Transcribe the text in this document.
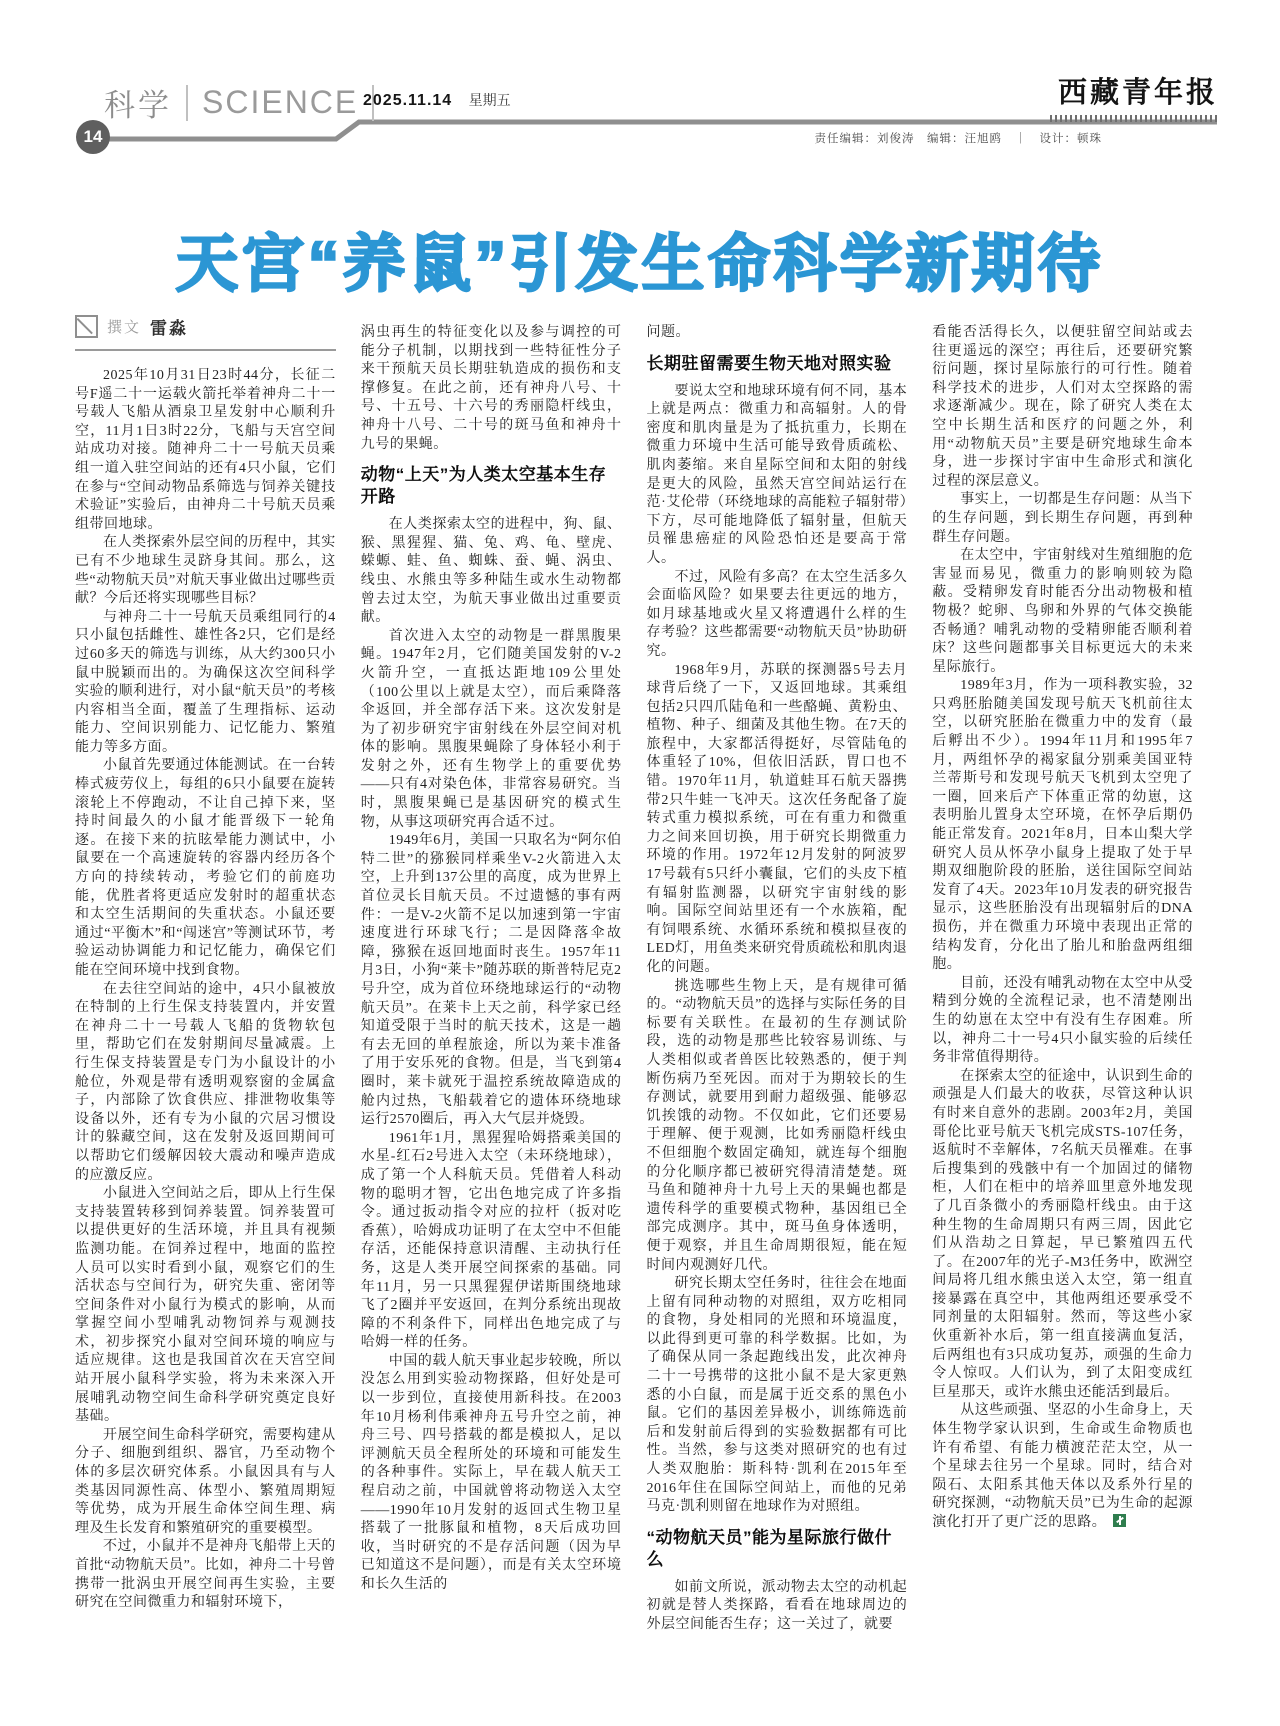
科学 SCIENCE 2025.11.14 星期五	西藏青年报
14	责任编辑：刘俊涛　编辑：汪旭鸥　｜　设计：顿珠
天宫“养鼠”引发生命科学新期待
撰文 雷淼

2025年10月31日23时44分，长征二号F遥二十一运载火箭托举着神舟二十一号载人飞船从酒泉卫星发射中心顺利升空，11月1日3时22分，飞船与天宫空间站成功对接。随神舟二十一号航天员乘组一道入驻空间站的还有4只小鼠，它们在参与“空间动物品系筛选与饲养关键技术验证”实验后，由神舟二十号航天员乘组带回地球。

在人类探索外层空间的历程中，其实已有不少地球生灵跻身其间。那么，这些“动物航天员”对航天事业做出过哪些贡献？今后还将实现哪些目标？

与神舟二十一号航天员乘组同行的4只小鼠包括雌性、雄性各2只，它们是经过60多天的筛选与训练，从大约300只小鼠中脱颖而出的。为确保这次空间科学实验的顺利进行，对小鼠“航天员”的考核内容相当全面，覆盖了生理指标、运动能力、空间识别能力、记忆能力、繁殖能力等多方面。

小鼠首先要通过体能测试。在一台转棒式疲劳仪上，每组的6只小鼠要在旋转滚轮上不停跑动，不让自己掉下来，坚持时间最久的小鼠才能晋级下一轮角逐。在接下来的抗眩晕能力测试中，小鼠要在一个高速旋转的容器内经历各个方向的持续转动，考验它们的前庭功能，优胜者将更适应发射时的超重状态和太空生活期间的失重状态。小鼠还要通过“平衡木”和“闯迷宫”等测试环节，考验运动协调能力和记忆能力，确保它们能在空间环境中找到食物。

在去往空间站的途中，4只小鼠被放在特制的上行生保支持装置内，并安置在神舟二十一号载人飞船的货物软包里，帮助它们在发射期间尽量减震。上行生保支持装置是专门为小鼠设计的小舱位，外观是带有透明观察窗的金属盒子，内部除了饮食供应、排泄物收集等设备以外，还有专为小鼠的穴居习惯设计的躲藏空间，这在发射及返回期间可以帮助它们缓解因较大震动和噪声造成的应激反应。

小鼠进入空间站之后，即从上行生保支持装置转移到饲养装置。饲养装置可以提供更好的生活环境，并且具有视频监测功能。在饲养过程中，地面的监控人员可以实时看到小鼠，观察它们的生活状态与空间行为，研究失重、密闭等空间条件对小鼠行为模式的影响，从而掌握空间小型哺乳动物饲养与观测技术，初步探究小鼠对空间环境的响应与适应规律。这也是我国首次在天宫空间站开展小鼠科学实验，将为未来深入开展哺乳动物空间生命科学研究奠定良好基础。

开展空间生命科学研究，需要构建从分子、细胞到组织、器官，乃至动物个体的多层次研究体系。小鼠因具有与人类基因同源性高、体型小、繁殖周期短等优势，成为开展生命体空间生理、病理及生长发育和繁殖研究的重要模型。

不过，小鼠并不是神舟飞船带上天的首批“动物航天员”。比如，神舟二十号曾携带一批涡虫开展空间再生实验，主要研究在空间微重力和辐射环境下，

涡虫再生的特征变化以及参与调控的可能分子机制，以期找到一些特征性分子来干预航天员长期驻轨造成的损伤和支撑修复。在此之前，还有神舟八号、十号、十五号、十六号的秀丽隐杆线虫，神舟十八号、二十号的斑马鱼和神舟十九号的果蝇。

动物“上天”为人类太空基本生存开路

在人类探索太空的进程中，狗、鼠、猴、黑猩猩、猫、兔、鸡、龟、壁虎、蝾螈、蛙、鱼、蜘蛛、蚕、蝇、涡虫、线虫、水熊虫等多种陆生或水生动物都曾去过太空，为航天事业做出过重要贡献。

首次进入太空的动物是一群黑腹果蝇。1947年2月，它们随美国发射的V-2火箭升空，一直抵达距地109公里处（100公里以上就是太空），而后乘降落伞返回，并全部存活下来。这次发射是为了初步研究宇宙射线在外层空间对机体的影响。黑腹果蝇除了身体轻小利于发射之外，还有生物学上的重要优势——只有4对染色体，非常容易研究。当时，黑腹果蝇已是基因研究的模式生物，从事这项研究再合适不过。

1949年6月，美国一只取名为“阿尔伯特二世”的猕猴同样乘坐V-2火箭进入太空，上升到137公里的高度，成为世界上首位灵长目航天员。不过遗憾的事有两件：一是V-2火箭不足以加速到第一宇宙速度进行环球飞行；二是因降落伞故障，猕猴在返回地面时丧生。1957年11月3日，小狗“莱卡”随苏联的斯普特尼克2号升空，成为首位环绕地球运行的“动物航天员”。在莱卡上天之前，科学家已经知道受限于当时的航天技术，这是一趟有去无回的单程旅途，所以为莱卡准备了用于安乐死的食物。但是，当飞到第4圈时，莱卡就死于温控系统故障造成的舱内过热，飞船载着它的遗体环绕地球运行2570圈后，再入大气层并烧毁。

1961年1月，黑猩猩哈姆搭乘美国的水星-红石2号进入太空（未环绕地球），成了第一个人科航天员。凭借着人科动物的聪明才智，它出色地完成了许多指令。通过扳动指令对应的拉杆（扳对吃香蕉），哈姆成功证明了在太空中不但能存活，还能保持意识清醒、主动执行任务，这是人类开展空间探索的基础。同年11月，另一只黑猩猩伊诺斯围绕地球飞了2圈并平安返回，在判分系统出现故障的不利条件下，同样出色地完成了与哈姆一样的任务。

中国的载人航天事业起步较晚，所以没怎么用到实验动物探路，但好处是可以一步到位，直接使用新科技。在2003年10月杨利伟乘神舟五号升空之前，神舟三号、四号搭载的都是模拟人，足以评测航天员全程所处的环境和可能发生的各种事件。实际上，早在载人航天工程启动之前，中国就曾将动物送入太空——1990年10月发射的返回式生物卫星搭载了一批豚鼠和植物，8天后成功回收，当时研究的不是存活问题（因为早已知道这不是问题），而是有关太空环境和长久生活的

问题。

长期驻留需要生物天地对照实验

要说太空和地球环境有何不同，基本上就是两点：微重力和高辐射。人的骨密度和肌肉量是为了抵抗重力，长期在微重力环境中生活可能导致骨质疏松、肌肉萎缩。来自星际空间和太阳的射线是更大的风险，虽然天宫空间站运行在范·艾伦带（环绕地球的高能粒子辐射带）下方，尽可能地降低了辐射量，但航天员罹患癌症的风险恐怕还是要高于常人。

不过，风险有多高？在太空生活多久会面临风险？如果要去往更远的地方，如月球基地或火星又将遭遇什么样的生存考验？这些都需要“动物航天员”协助研究。

1968年9月，苏联的探测器5号去月球背后绕了一下，又返回地球。其乘组包括2只四爪陆龟和一些酪蝇、黄粉虫、植物、种子、细菌及其他生物。在7天的旅程中，大家都活得挺好，尽管陆龟的体重轻了10%，但依旧活跃，胃口也不错。1970年11月，轨道蛙耳石航天器携带2只牛蛙一飞冲天。这次任务配备了旋转式重力模拟系统，可在有重力和微重力之间来回切换，用于研究长期微重力环境的作用。1972年12月发射的阿波罗17号载有5只纤小囊鼠，它们的头皮下植有辐射监测器，以研究宇宙射线的影响。国际空间站里还有一个水族箱，配有饲喂系统、水循环系统和模拟昼夜的LED灯，用鱼类来研究骨质疏松和肌肉退化的问题。

挑选哪些生物上天，是有规律可循的。“动物航天员”的选择与实际任务的目标要有关联性。在最初的生存测试阶段，选的动物是那些比较容易训练、与人类相似或者兽医比较熟悉的，便于判断伤病乃至死因。而对于为期较长的生存测试，就要用到耐力超级强、能够忍饥挨饿的动物。不仅如此，它们还要易于理解、便于观测，比如秀丽隐杆线虫不但细胞个数固定确知，就连每个细胞的分化顺序都已被研究得清清楚楚。斑马鱼和随神舟十九号上天的果蝇也都是遗传科学的重要模式物种，基因组已全部完成测序。其中，斑马鱼身体透明，便于观察，并且生命周期很短，能在短时间内观测好几代。

研究长期太空任务时，往往会在地面上留有同种动物的对照组，双方吃相同的食物，身处相同的光照和环境温度，以此得到更可靠的科学数据。比如，为了确保从同一条起跑线出发，此次神舟二十一号携带的这批小鼠不是大家更熟悉的小白鼠，而是属于近交系的黑色小鼠。它们的基因差异极小，训练筛选前后和发射前后得到的实验数据都有可比性。当然，参与这类对照研究的也有过人类双胞胎：斯科特·凯利在2015年至2016年住在国际空间站上，而他的兄弟马克·凯利则留在地球作为对照组。

“动物航天员”能为星际旅行做什么

如前文所说，派动物去太空的动机起初就是替人类探路，看看在地球周边的外层空间能否生存；这一关过了，就要

看能否活得长久，以便驻留空间站或去往更遥远的深空；再往后，还要研究繁衍问题，探讨星际旅行的可行性。随着科学技术的进步，人们对太空探路的需求逐渐减少。现在，除了研究人类在太空中长期生活和医疗的问题之外，利用“动物航天员”主要是研究地球生命本身，进一步探讨宇宙中生命形式和演化过程的深层意义。

事实上，一切都是生存问题：从当下的生存问题，到长期生存问题，再到种群生存问题。

在太空中，宇宙射线对生殖细胞的危害显而易见，微重力的影响则较为隐蔽。受精卵发育时能否分出动物极和植物极？蛇卵、鸟卵和外界的气体交换能否畅通？哺乳动物的受精卵能否顺利着床？这些问题都事关目标更远大的未来星际旅行。

1989年3月，作为一项科教实验，32只鸡胚胎随美国发现号航天飞机前往太空，以研究胚胎在微重力中的发育（最后孵出不少）。1994年11月和1995年7月，两组怀孕的褐家鼠分别乘美国亚特兰蒂斯号和发现号航天飞机到太空兜了一圈，回来后产下体重正常的幼崽，这表明胎儿置身太空环境，在怀孕后期仍能正常发育。2021年8月，日本山梨大学研究人员从怀孕小鼠身上提取了处于早期双细胞阶段的胚胎，送往国际空间站发育了4天。2023年10月发表的研究报告显示，这些胚胎没有出现辐射后的DNA损伤，并在微重力环境中表现出正常的结构发育，分化出了胎儿和胎盘两组细胞。

目前，还没有哺乳动物在太空中从受精到分娩的全流程记录，也不清楚刚出生的幼崽在太空中有没有生存困难。所以，神舟二十一号4只小鼠实验的后续任务非常值得期待。

在探索太空的征途中，认识到生命的顽强是人们最大的收获，尽管这种认识有时来自意外的悲剧。2003年2月，美国哥伦比亚号航天飞机完成STS-107任务，返航时不幸解体，7名航天员罹难。在事后搜集到的残骸中有一个加固过的储物柜，人们在柜中的培养皿里意外地发现了几百条微小的秀丽隐杆线虫。由于这种生物的生命周期只有两三周，因此它们从浩劫之日算起，早已繁殖四五代了。在2007年的光子-M3任务中，欧洲空间局将几组水熊虫送入太空，第一组直接暴露在真空中，其他两组还要承受不同剂量的太阳辐射。然而，等这些小家伙重新补水后，第一组直接满血复活，后两组也有3只成功复苏，顽强的生命力令人惊叹。人们认为，到了太阳变成红巨星那天，或许水熊虫还能活到最后。

从这些顽强、坚忍的小生命身上，天体生物学家认识到，生命或生命物质也许有希望、有能力横渡茫茫太空，从一个星球去往另一个星球。同时，结合对陨石、太阳系其他天体以及系外行星的研究探测，“动物航天员”已为生命的起源演化打开了更广泛的思路。
